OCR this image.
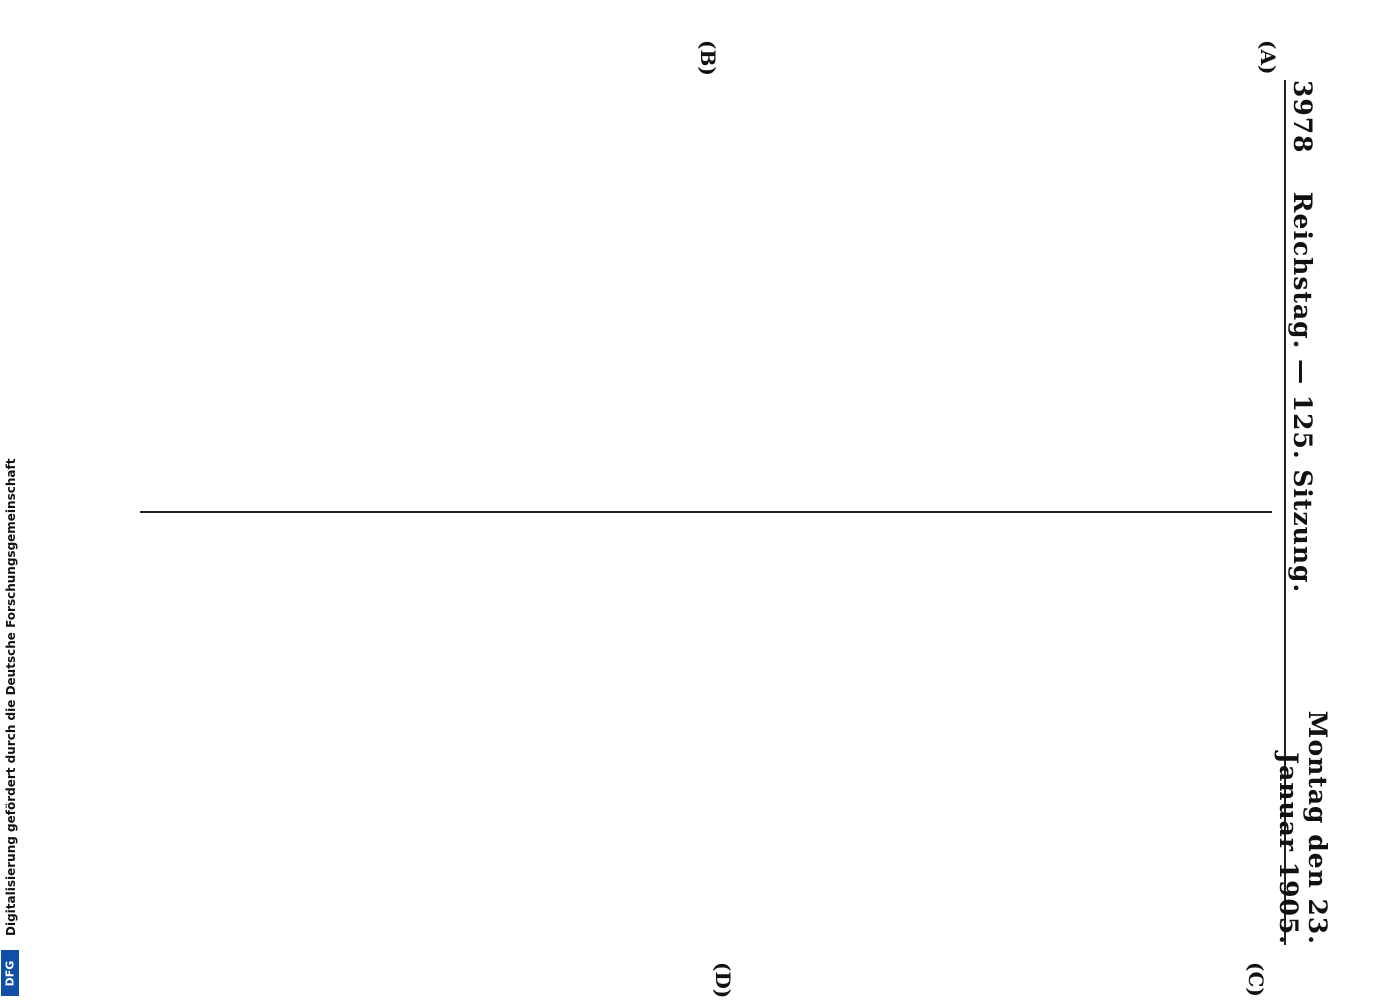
Digitalisierung gefördert durch die Deutsche Forschungsgemeinschaft
DFG
3978
Reichstag. — 125. Sitzung.
Montag den 23. Januar 1905.
(A)
(B)
(C)
(D)
